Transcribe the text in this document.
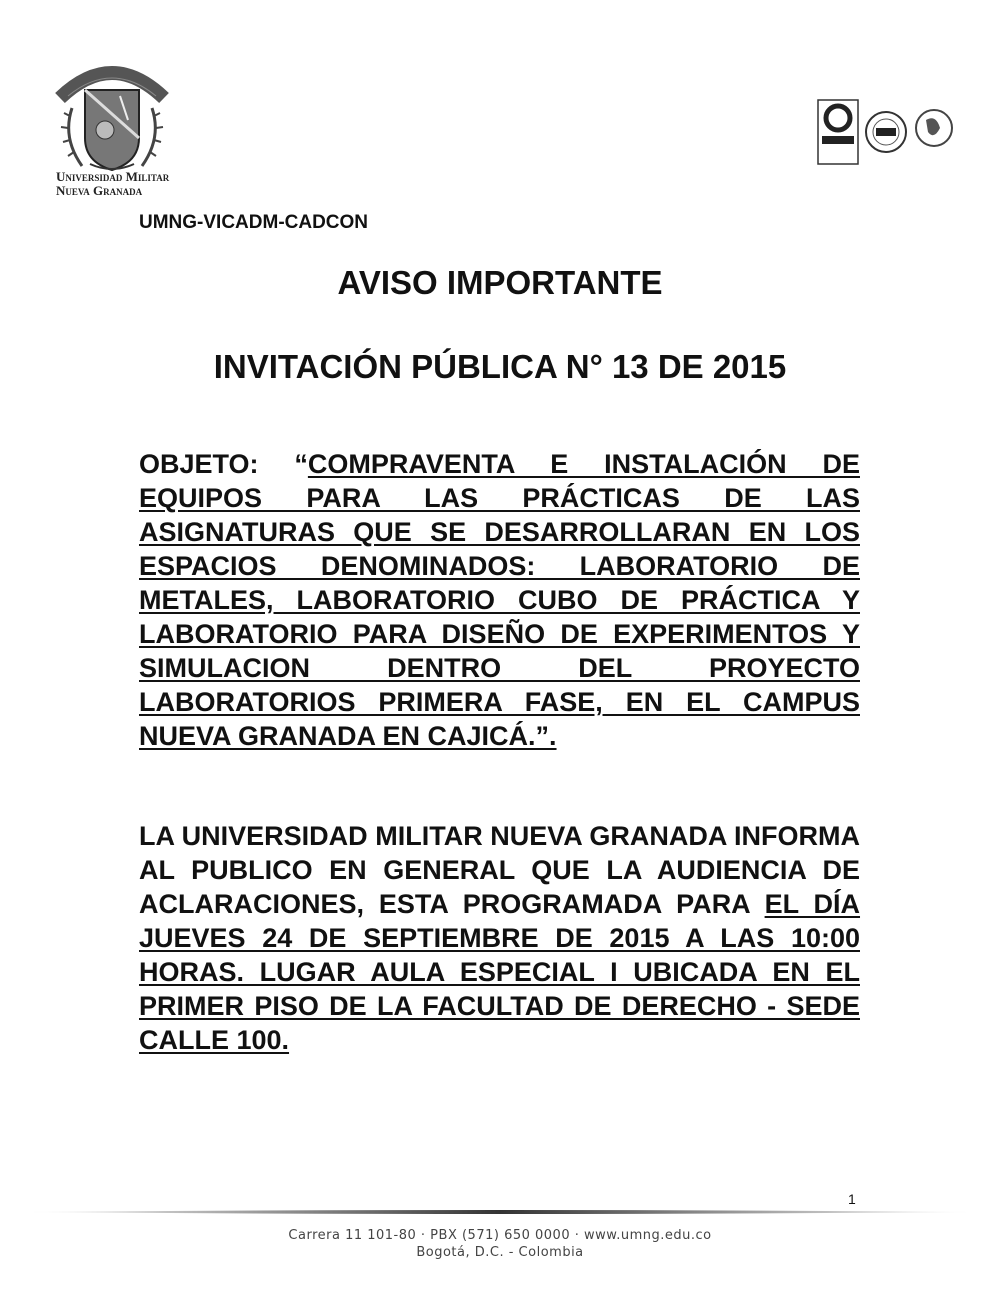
Universidad Militar
Nueva Granada
UMNG-VICADM-CADCON
AVISO IMPORTANTE
INVITACIÓN PÚBLICA N° 13 DE 2015
OBJETO: “COMPRAVENTA E INSTALACIÓN DE EQUIPOS PARA LAS PRÁCTICAS DE LAS ASIGNATURAS QUE SE DESARROLLARAN EN LOS ESPACIOS DENOMINADOS: LABORATORIO DE METALES, LABORATORIO CUBO DE PRÁCTICA Y LABORATORIO PARA DISEÑO DE EXPERIMENTOS Y SIMULACION DENTRO DEL PROYECTO LABORATORIOS PRIMERA FASE, EN EL CAMPUS NUEVA GRANADA EN CAJICÁ.”.
LA UNIVERSIDAD MILITAR NUEVA GRANADA INFORMA AL PUBLICO EN GENERAL QUE LA AUDIENCIA DE ACLARACIONES, ESTA PROGRAMADA PARA EL DÍA JUEVES 24 DE SEPTIEMBRE DE 2015 A LAS 10:00 HORAS. LUGAR AULA ESPECIAL I UBICADA EN EL PRIMER PISO DE LA FACULTAD DE DERECHO - SEDE CALLE 100.
1
Carrera 11 101-80 · PBX (571) 650 0000 · www.umng.edu.co
Bogotá, D.C. - Colombia
